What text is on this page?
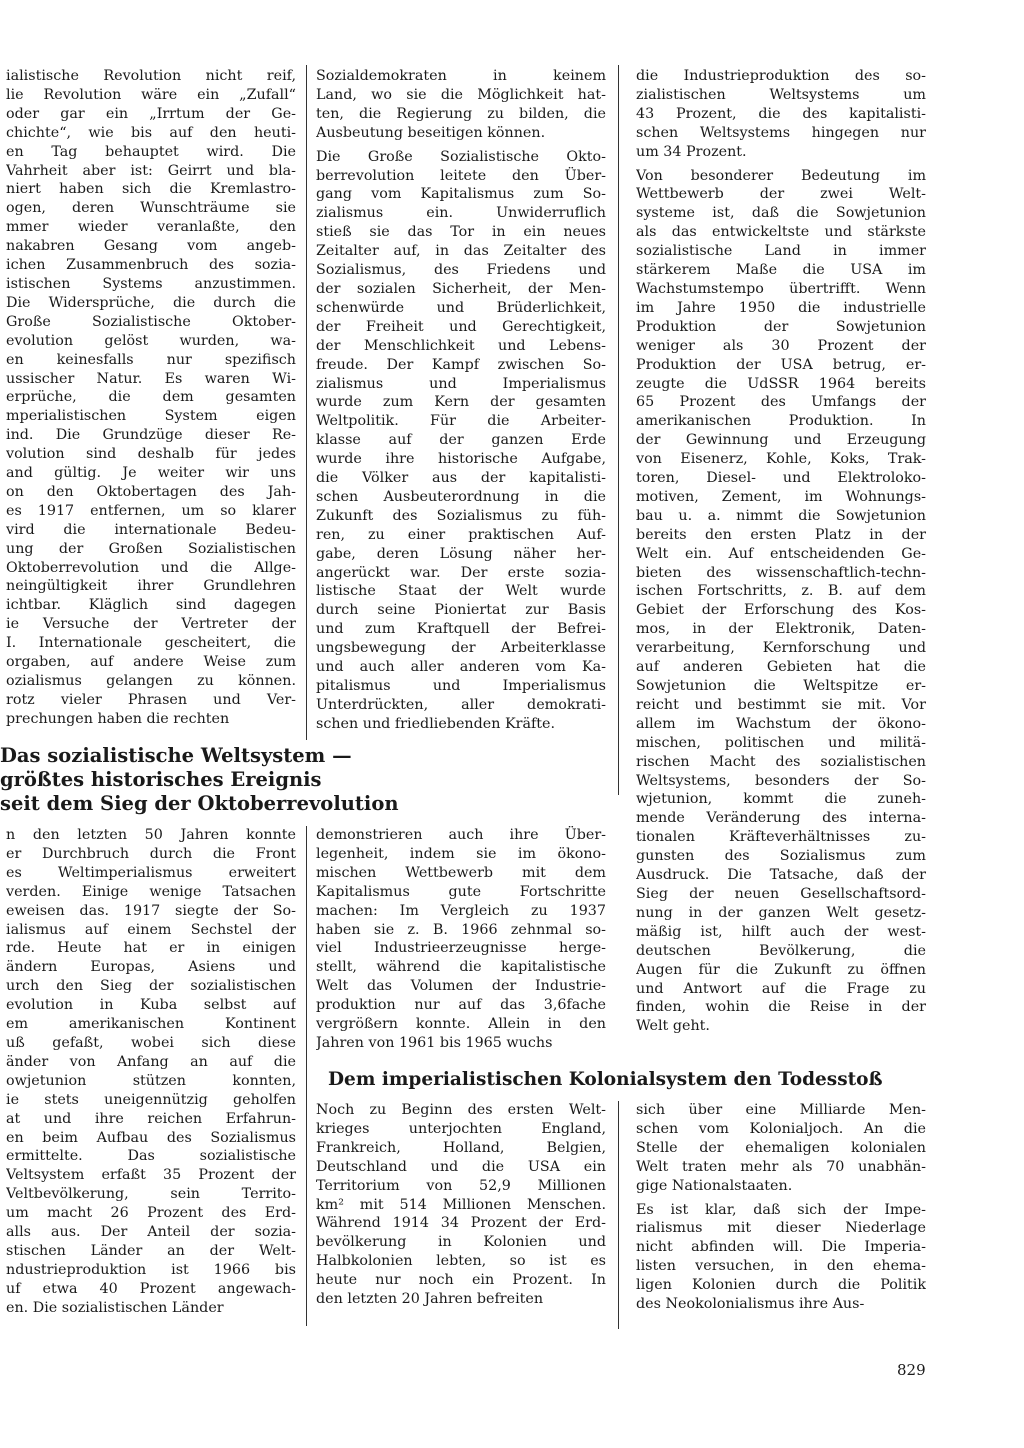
ialistische Revolution nicht reif,
lie Revolution wäre ein „Zufall“
oder gar ein „Irrtum der Ge-
chichte“, wie bis auf den heuti-
en Tag behauptet wird. Die
Vahrheit aber ist: Geirrt und bla-
niert haben sich die Kremlastro-
ogen, deren Wunschträume sie
mmer wieder veranlaßte, den
nakabren Gesang vom angeb-
ichen Zusammenbruch des sozia-
istischen Systems anzustimmen.
Die Widersprüche, die durch die
Große Sozialistische Oktober-
evolution gelöst wurden, wa-
en keinesfalls nur spezifisch
ussischer Natur. Es waren Wi-
erprüche, die dem gesamten
mperialistischen System eigen
ind. Die Grundzüge dieser Re-
volution sind deshalb für jedes
and gültig. Je weiter wir uns
on den Oktobertagen des Jah-
es 1917 entfernen, um so klarer
vird die internationale Bedeu-
ung der Großen Sozialistischen
Oktoberrevolution und die Allge-
neingültigkeit ihrer Grundlehren
ichtbar. Kläglich sind dagegen
ie Versuche der Vertreter der
I. Internationale gescheitert, die
orgaben, auf andere Weise zum
ozialismus gelangen zu können.
rotz vieler Phrasen und Ver-
prechungen haben die rechten
Sozialdemokraten in keinem
Land, wo sie die Möglichkeit hat-
ten, die Regierung zu bilden, die
Ausbeutung beseitigen können.
Die Große Sozialistische Okto-
berrevolution leitete den Über-
gang vom Kapitalismus zum So-
zialismus ein. Unwiderruflich
stieß sie das Tor in ein neues
Zeitalter auf, in das Zeitalter des
Sozialismus, des Friedens und
der sozialen Sicherheit, der Men-
schenwürde und Brüderlichkeit,
der Freiheit und Gerechtigkeit,
der Menschlichkeit und Lebens-
freude. Der Kampf zwischen So-
zialismus und Imperialismus
wurde zum Kern der gesamten
Weltpolitik. Für die Arbeiter-
klasse auf der ganzen Erde
wurde ihre historische Aufgabe,
die Völker aus der kapitalisti-
schen Ausbeuterordnung in die
Zukunft des Sozialismus zu füh-
ren, zu einer praktischen Auf-
gabe, deren Lösung näher her-
angerückt war. Der erste sozia-
listische Staat der Welt wurde
durch seine Pioniertat zur Basis
und zum Kraftquell der Befrei-
ungsbewegung der Arbeiterklasse
und auch aller anderen vom Ka-
pitalismus und Imperialismus
Unterdrückten, aller demokrati-
schen und friedliebenden Kräfte.
Das sozialistische Weltsystem —
größtes historisches Ereignis
seit dem Sieg der Oktoberrevolution
n den letzten 50 Jahren konnte
er Durchbruch durch die Front
es Weltimperialismus erweitert
verden. Einige wenige Tatsachen
eweisen das. 1917 siegte der So-
ialismus auf einem Sechstel der
rde. Heute hat er in einigen
ändern Europas, Asiens und
urch den Sieg der sozialistischen
evolution in Kuba selbst auf
em amerikanischen Kontinent
uß gefaßt, wobei sich diese
änder von Anfang an auf die
owjetunion stützen konnten,
ie stets uneigennützig geholfen
at und ihre reichen Erfahrun-
en beim Aufbau des Sozialismus
ermittelte. Das sozialistische
Veltsystem erfaßt 35 Prozent der
Veltbevölkerung, sein Territo-
um macht 26 Prozent des Erd-
alls aus. Der Anteil der sozia-
stischen Länder an der Welt-
ndustrieproduktion ist 1966 bis
uf etwa 40 Prozent angewach-
en. Die sozialistischen Länder
demonstrieren auch ihre Über-
legenheit, indem sie im ökono-
mischen Wettbewerb mit dem
Kapitalismus gute Fortschritte
machen: Im Vergleich zu 1937
haben sie z. B. 1966 zehnmal so-
viel Industrieerzeugnisse herge-
stellt, während die kapitalistische
Welt das Volumen der Industrie-
produktion nur auf das 3,6fache
vergrößern konnte. Allein in den
Jahren von 1961 bis 1965 wuchs
die Industrieproduktion des so-
zialistischen Weltsystems um
43 Prozent, die des kapitalisti-
schen Weltsystems hingegen nur
um 34 Prozent.
Von besonderer Bedeutung im
Wettbewerb der zwei Welt-
systeme ist, daß die Sowjetunion
als das entwickeltste und stärkste
sozialistische Land in immer
stärkerem Maße die USA im
Wachstumstempo übertrifft. Wenn
im Jahre 1950 die industrielle
Produktion der Sowjetunion
weniger als 30 Prozent der
Produktion der USA betrug, er-
zeugte die UdSSR 1964 bereits
65 Prozent des Umfangs der
amerikanischen Produktion. In
der Gewinnung und Erzeugung
von Eisenerz, Kohle, Koks, Trak-
toren, Diesel- und Elektroloko-
motiven, Zement, im Wohnungs-
bau u. a. nimmt die Sowjetunion
bereits den ersten Platz in der
Welt ein. Auf entscheidenden Ge-
bieten des wissenschaftlich-techn-
ischen Fortschritts, z. B. auf dem
Gebiet der Erforschung des Kos-
mos, in der Elektronik, Daten-
verarbeitung, Kernforschung und
auf anderen Gebieten hat die
Sowjetunion die Weltspitze er-
reicht und bestimmt sie mit. Vor
allem im Wachstum der ökono-
mischen, politischen und militä-
rischen Macht des sozialistischen
Weltsystems, besonders der So-
wjetunion, kommt die zuneh-
mende Veränderung des interna-
tionalen Kräfteverhältnisses zu-
gunsten des Sozialismus zum
Ausdruck. Die Tatsache, daß der
Sieg der neuen Gesellschaftsord-
nung in der ganzen Welt gesetz-
mäßig ist, hilft auch der west-
deutschen Bevölkerung, die
Augen für die Zukunft zu öffnen
und Antwort auf die Frage zu
finden, wohin die Reise in der
Welt geht.
Dem imperialistischen Kolonialsystem den Todesstoß
Noch zu Beginn des ersten Welt-
krieges unterjochten England,
Frankreich, Holland, Belgien,
Deutschland und die USA ein
Territorium von 52,9 Millionen
km² mit 514 Millionen Menschen.
Während 1914 34 Prozent der Erd-
bevölkerung in Kolonien und
Halbkolonien lebten, so ist es
heute nur noch ein Prozent. In
den letzten 20 Jahren befreiten
sich über eine Milliarde Men-
schen vom Kolonialjoch. An die
Stelle der ehemaligen kolonialen
Welt traten mehr als 70 unabhän-
gige Nationalstaaten.
Es ist klar, daß sich der Impe-
rialismus mit dieser Niederlage
nicht abfinden will. Die Imperia-
listen versuchen, in den ehema-
ligen Kolonien durch die Politik
des Neokolonialismus ihre Aus-
829
